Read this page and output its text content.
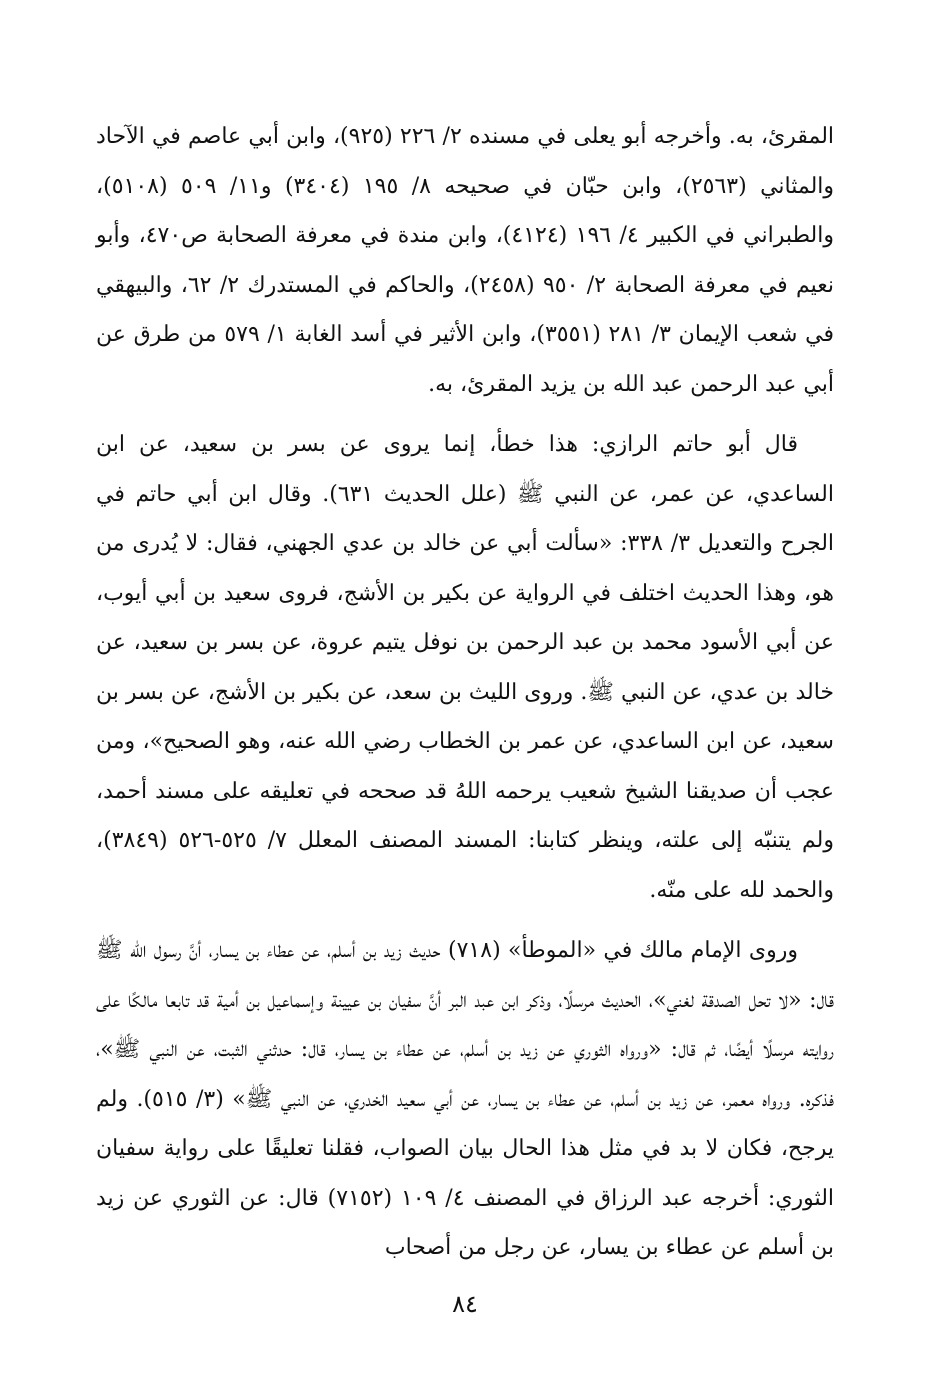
المقرئ، به. وأخرجه أبو يعلى في مسنده ٢/ ٢٢٦ (٩٢٥)، وابن أبي عاصم في الآحاد والمثاني (٢٥٦٣)، وابن حبّان في صحيحه ٨/ ١٩٥ (٣٤٠٤) و١١/ ٥٠٩ (٥١٠٨)، والطبراني في الكبير ٤/ ١٩٦ (٤١٢٤)، وابن مندة في معرفة الصحابة ص٤٧٠، وأبو نعيم في معرفة الصحابة ٢/ ٩٥٠ (٢٤٥٨)، والحاكم في المستدرك ٢/ ٦٢، والبيهقي في شعب الإيمان ٣/ ٢٨١ (٣٥٥١)، وابن الأثير في أسد الغابة ١/ ٥٧٩ من طرق عن أبي عبد الرحمن عبد الله بن يزيد المقرئ، به.

قال أبو حاتم الرازي: هذا خطأ، إنما يروى عن بسر بن سعيد، عن ابن الساعدي، عن عمر، عن النبي ﷺ (علل الحديث ٦٣١). وقال ابن أبي حاتم في الجرح والتعديل ٣/ ٣٣٨: «سألت أبي عن خالد بن عدي الجهني، فقال: لا يُدرى من هو، وهذا الحديث اختلف في الرواية عن بكير بن الأشج، فروى سعيد بن أبي أيوب، عن أبي الأسود محمد بن عبد الرحمن بن نوفل يتيم عروة، عن بسر بن سعيد، عن خالد بن عدي، عن النبي ﷺ. وروى الليث بن سعد، عن بكير بن الأشج، عن بسر بن سعيد، عن ابن الساعدي، عن عمر بن الخطاب رضي الله عنه، وهو الصحيح»، ومن عجب أن صديقنا الشيخ شعيب يرحمه اللهُ قد صححه في تعليقه على مسند أحمد، ولم يتنبّه إلى علته، وينظر كتابنا: المسند المصنف المعلل ٧/ ٥٢٥-٥٢٦ (٣٨٤٩)، والحمد لله على منّه.

وروى الإمام مالك في «الموطأ» (٧١٨) حديث زيد بن أسلم، عن عطاء بن يسار، أنَّ رسول الله ﷺ قال: «لا تحل الصدقة لغني»، الحديث مرسلًا، وذكر ابن عبد البر أنَّ سفيان بن عيينة وإسماعيل بن أمية قد تابعا مالكًا على روايته مرسلًا أيضًا، ثم قال: «ورواه الثوري عن زيد بن أسلم، عن عطاء بن يسار، قال: حدثني الثبت، عن النبي ﷺ»، فذكره. ورواه معمر، عن زيد بن أسلم، عن عطاء بن يسار، عن أبي سعيد الخدري، عن النبي ﷺ» (٣/ ٥١٥). ولم يرجح، فكان لا بد في مثل هذا الحال بيان الصواب، فقلنا تعليقًا على رواية سفيان الثوري: أخرجه عبد الرزاق في المصنف ٤/ ١٠٩ (٧١٥٢) قال: عن الثوري عن زيد بن أسلم عن عطاء بن يسار، عن رجل من أصحاب

٨٤
